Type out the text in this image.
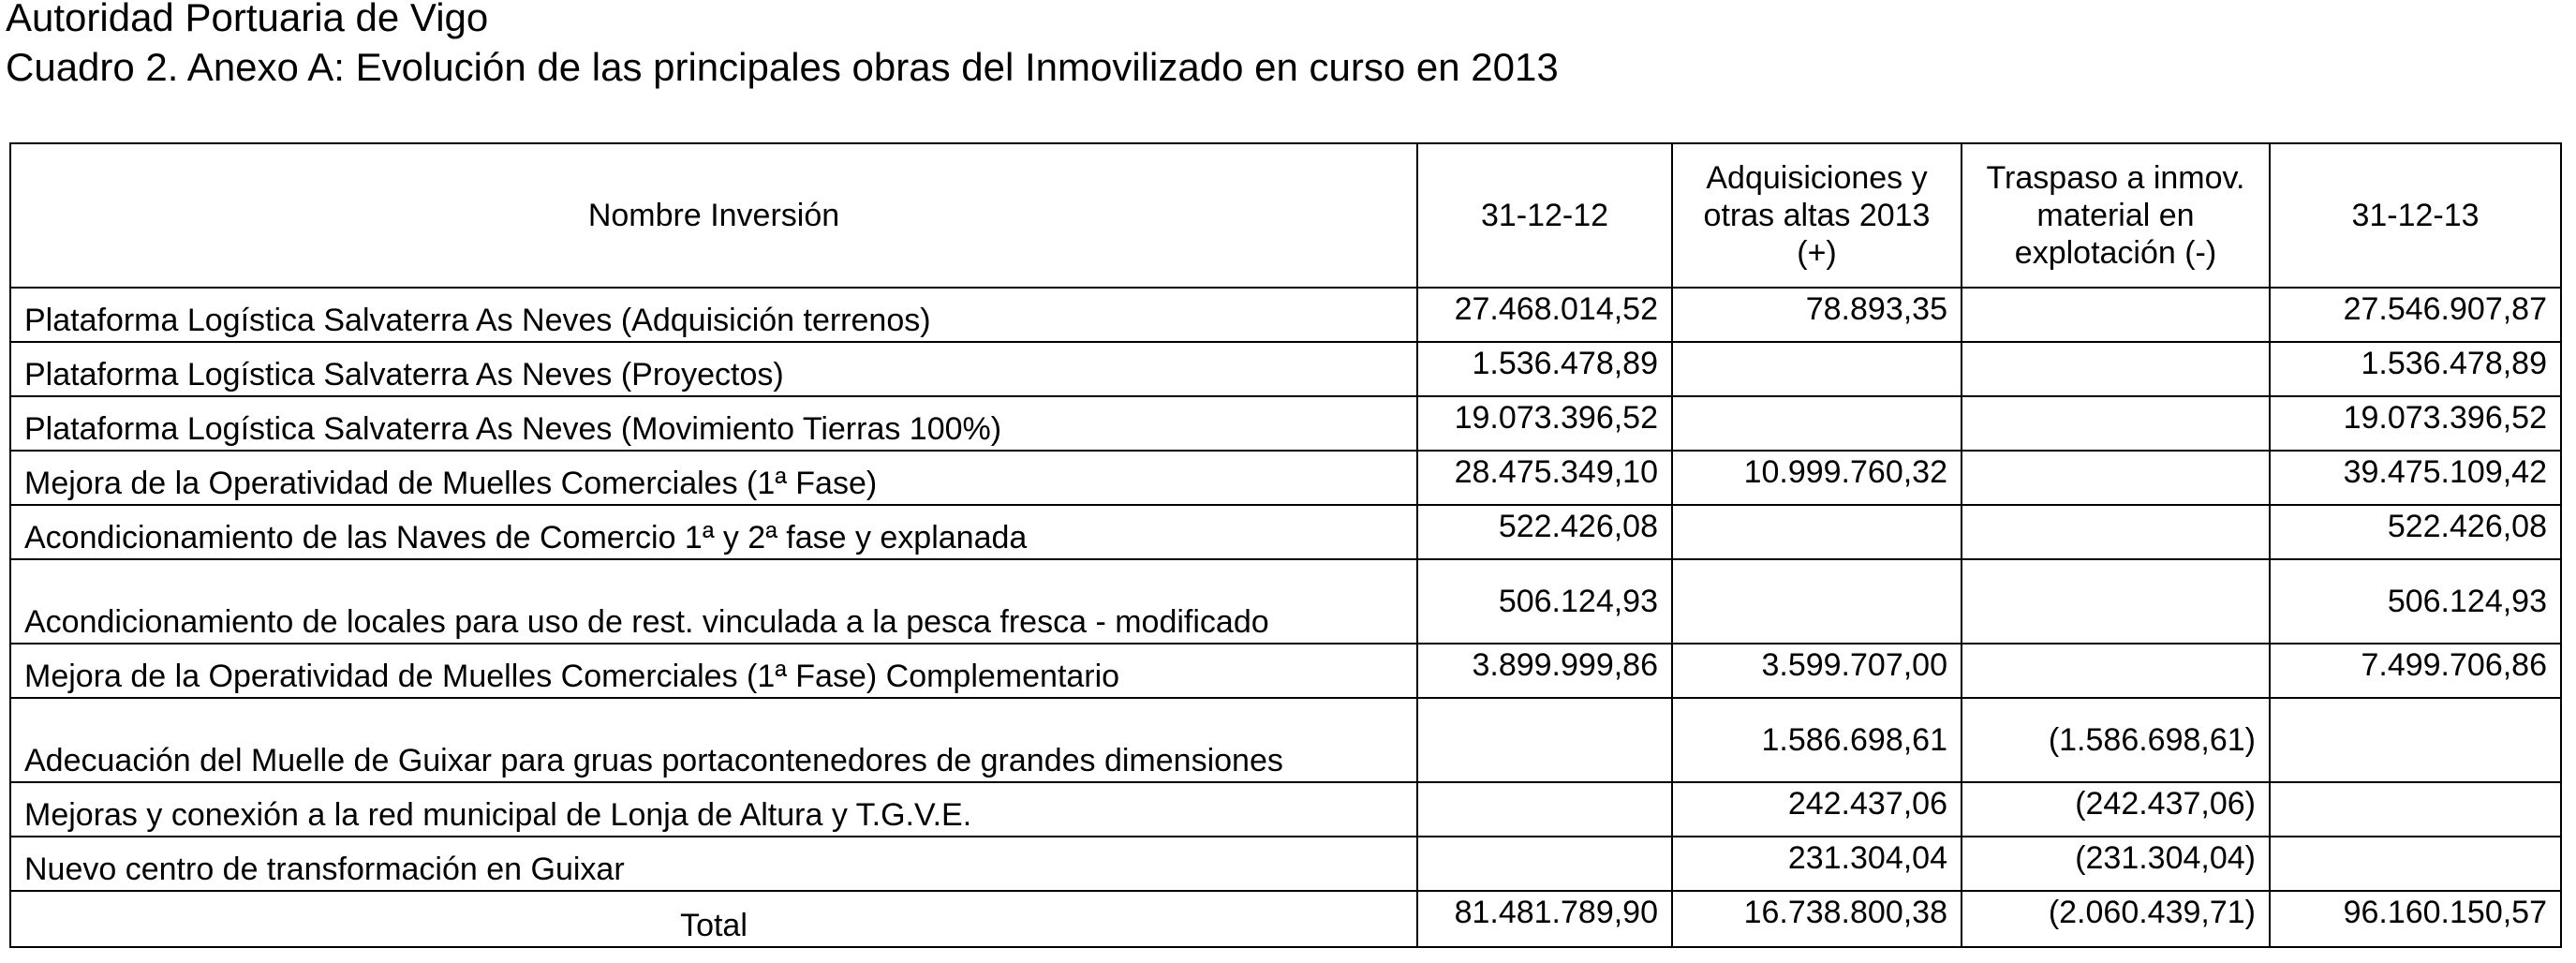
Autoridad Portuaria de Vigo
Cuadro 2. Anexo A: Evolución de las principales obras del Inmovilizado en curso en 2013
Nombre Inversión	31-12-12	Adquisiciones y otras altas 2013 (+)	Traspaso a inmov. material en explotación (-)	31-12-13
Plataforma Logística Salvaterra As Neves (Adquisición terrenos)	27.468.014,52	78.893,35		27.546.907,87
Plataforma Logística Salvaterra As Neves (Proyectos)	1.536.478,89			1.536.478,89
Plataforma Logística Salvaterra As Neves (Movimiento Tierras 100%)	19.073.396,52			19.073.396,52
Mejora de la Operatividad de Muelles Comerciales (1ª Fase)	28.475.349,10	10.999.760,32		39.475.109,42
Acondicionamiento de las Naves de Comercio 1ª y 2ª fase y explanada	522.426,08			522.426,08
Acondicionamiento de locales para uso de rest. vinculada a la pesca fresca - modificado	506.124,93			506.124,93
Mejora de la Operatividad de Muelles Comerciales (1ª Fase) Complementario	3.899.999,86	3.599.707,00		7.499.706,86
Adecuación del Muelle de Guixar para gruas portacontenedores de grandes dimensiones		1.586.698,61	(1.586.698,61)	
Mejoras y conexión a la red municipal de Lonja de Altura y T.G.V.E.		242.437,06	(242.437,06)	
Nuevo centro de transformación en Guixar		231.304,04	(231.304,04)	
Total	81.481.789,90	16.738.800,38	(2.060.439,71)	96.160.150,57
